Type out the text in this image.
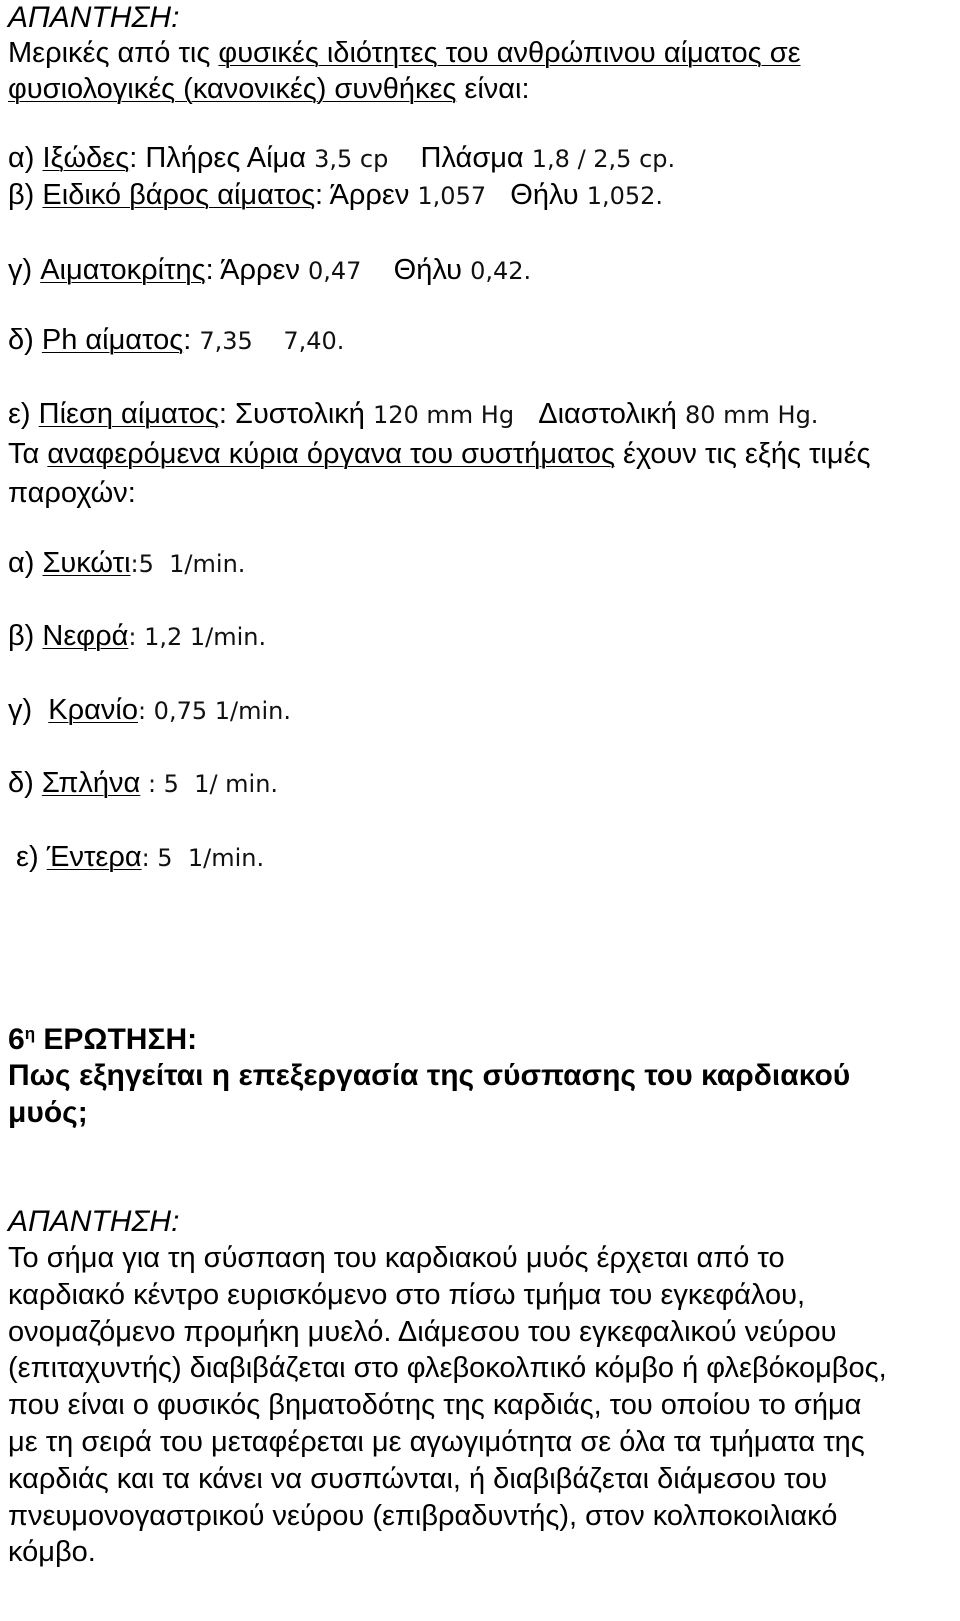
ΑΠΑΝΤΗΣΗ:
Μερικές από τις φυσικές ιδιότητες του ανθρώπινου αίματος σε
φυσιολογικές (κανονικές) συνθήκες είναι:
α) Ιξώδες: Πλήρες Αίμα 3,5 cp    Πλάσμα 1,8 / 2,5 cp.
β) Ειδικό βάρος αίματος: Άρρεν 1,057   Θήλυ 1,052.
γ) Αιματοκρίτης: Άρρεν 0,47    Θήλυ 0,42.
δ) Ph αίματος: 7,35    7,40.
ε) Πίεση αίματος: Συστολική 120 mm Hg   Διαστολική 80 mm Hg.
Τα αναφερόμενα κύρια όργανα του συστήματος έχουν τις εξής τιμές
παροχών:
α) Συκώτι:5  1/min.
β) Νεφρά: 1,2 1/min.
γ)  Κρανίο: 0,75 1/min.
δ) Σπλήνα : 5  1/ min.
ε) Έντερα: 5  1/min.
$6^\eta$ ΕΡΩΤΗΣΗ:
Πως εξηγείται η επεξεργασία της σύσπασης του καρδιακού
μυός;
ΑΠΑΝΤΗΣΗ:
Το σήμα για τη σύσπαση του καρδιακού μυός έρχεται από το
καρδιακό κέντρο ευρισκόμενο στο πίσω τμήμα του εγκεφάλου,
ονομαζόμενο προμήκη μυελό. Διάμεσου του εγκεφαλικού νεύρου
(επιταχυντής) διαβιβάζεται στο φλεβοκολπικό κόμβο ή φλεβόκομβος,
που είναι ο φυσικός βηματοδότης της καρδιάς, του οποίου το σήμα
με τη σειρά του μεταφέρεται με αγωγιμότητα σε όλα τα τμήματα της
καρδιάς και τα κάνει να συσπώνται, ή διαβιβάζεται διάμεσου του
πνευμονογαστρικού νεύρου (επιβραδυντής), στον κολποκοιλιακό
κόμβο.
